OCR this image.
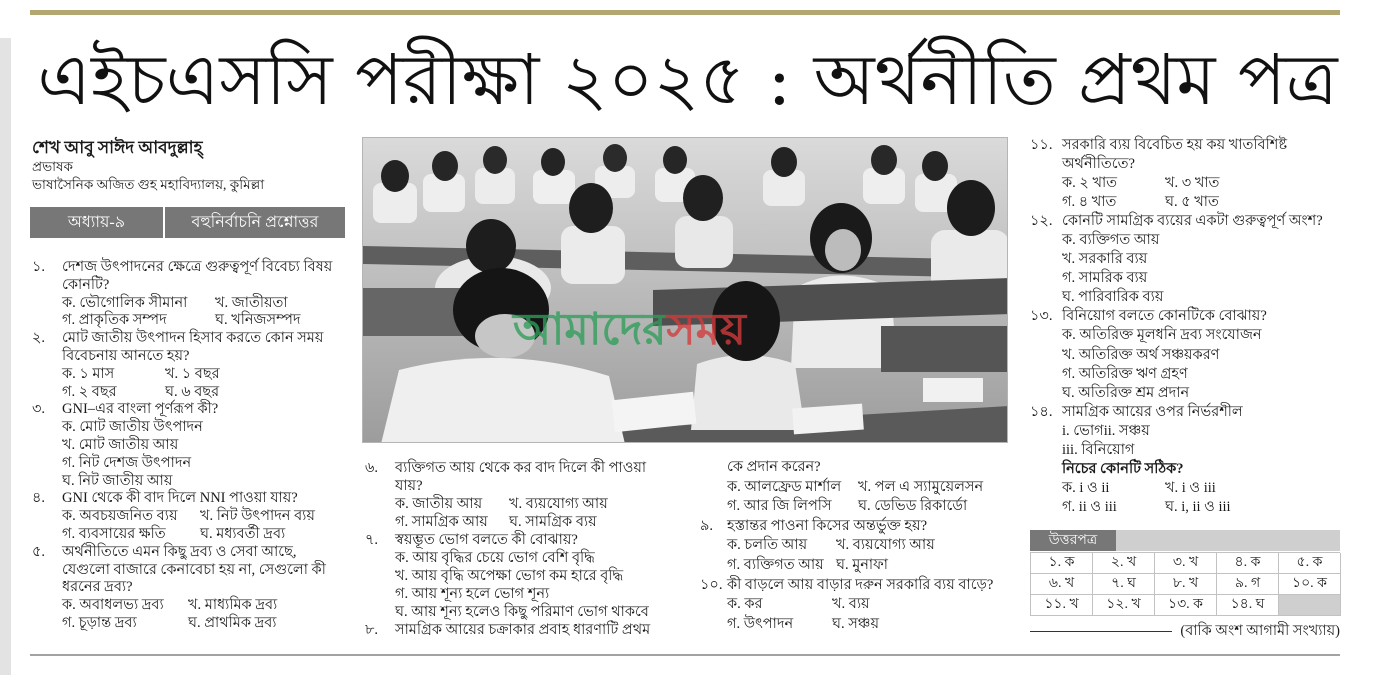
এইচএসসি পরীক্ষা ২০২৫ : অর্থনীতি প্রথম পত্র
শেখ আবু সাঈদ আবদুল্লাহ্
প্রভাষক
ভাষাসৈনিক অজিত গুহ মহাবিদ্যালয়, কুমিল্লা
অধ্যায়-৯	বহুনির্বাচনি প্রশ্নোত্তর
১. দেশজ উৎপাদনের ক্ষেত্রে গুরুত্বপূর্ণ বিবেচ্য বিষয়
কোনটি?
ক. ভৌগোলিক সীমানা খ. জাতীয়তা
গ. প্রাকৃতিক সম্পদ	ঘ. খনিজসম্পদ
২. মোট জাতীয় উৎপাদন হিসাব করতে কোন সময়
বিবেচনায় আনতে হয়?
ক. ১ মাস	খ. ১ বছর
গ. ২ বছর	ঘ. ৬ বছর
৩. GNI–এর বাংলা পূর্ণরূপ কী?
ক. মোট জাতীয় উৎপাদন
খ. মোট জাতীয় আয়
গ. নিট দেশজ উৎপাদন
ঘ. নিট জাতীয় আয়
৪. GNI থেকে কী বাদ দিলে NNI পাওয়া যায়?
ক. অবচয়জনিত ব্যয় খ. নিট উৎপাদন ব্যয়
গ. ব্যবসায়ের ক্ষতি ঘ. মধ্যবর্তী দ্রব্য
৫. অর্থনীতিতে এমন কিছু দ্রব্য ও সেবা আছে,
যেগুলো বাজারে কেনাবেচা হয় না, সেগুলো কী
ধরনের দ্রব্য?
ক. অবাধলভ্য দ্রব্য খ. মাধ্যমিক দ্রব্য
গ. চূড়ান্ত দ্রব্য	ঘ. প্রাথমিক দ্রব্য
আমাদেরসময়
৬. ব্যক্তিগত আয় থেকে কর বাদ দিলে কী পাওয়া
যায়?
ক. জাতীয় আয় খ. ব্যয়যোগ্য আয়
গ. সামগ্রিক আয় ঘ. সামগ্রিক ব্যয়
৭. স্বয়ম্ভূত ভোগ বলতে কী বোঝায়?
ক. আয় বৃদ্ধির চেয়ে ভোগ বেশি বৃদ্ধি
খ. আয় বৃদ্ধি অপেক্ষা ভোগ কম হারে বৃদ্ধি
গ. আয় শূন্য হলে ভোগ শূন্য
ঘ. আয় শূন্য হলেও কিছু পরিমাণ ভোগ থাকবে
৮. সামগ্রিক আয়ের চক্রাকার প্রবাহ ধারণাটি প্রথম
কে প্রদান করেন?
ক. আলফ্রেড মার্শাল খ. পল এ স্যামুয়েলসন
গ. আর জি লিপসি ঘ. ডেভিড রিকার্ডো
৯. হস্তান্তর পাওনা কিসের অন্তর্ভুক্ত হয়?
ক. চলতি আয় খ. ব্যয়যোগ্য আয়
গ. ব্যক্তিগত আয় ঘ. মুনাফা
১০. কী বাড়লে আয় বাড়ার দরুন সরকারি ব্যয় বাড়ে?
ক. কর	খ. ব্যয়
গ. উৎপাদন	ঘ. সঞ্চয়
১১. সরকারি ব্যয় বিবেচিত হয় কয় খাতবিশিষ্ট
অর্থনীতিতে?
ক. ২ খাত	খ. ৩ খাত
গ. ৪ খাত	ঘ. ৫ খাত
১২. কোনটি সামগ্রিক ব্যয়ের একটা গুরুত্বপূর্ণ অংশ?
ক. ব্যক্তিগত আয়
খ. সরকারি ব্যয়
গ. সামরিক ব্যয়
ঘ. পারিবারিক ব্যয়
১৩. বিনিয়োগ বলতে কোনটিকে বোঝায়?
ক. অতিরিক্ত মূলধনি দ্রব্য সংযোজন
খ. অতিরিক্ত অর্থ সঞ্চয়করণ
গ. অতিরিক্ত ঋণ গ্রহণ
ঘ. অতিরিক্ত শ্রম প্রদান
১৪. সামগ্রিক আয়ের ওপর নির্ভরশীল
i. ভোগii. সঞ্চয়
iii. বিনিয়োগ
নিচের কোনটি সঠিক?
ক. i ও ii	খ. i ও iii
গ. ii ও iii	ঘ. i, ii ও iii
উত্তরপত্র
১. ক	২. খ	৩. খ	৪. ক	৫. ক
৬. খ	৭. ঘ	৮. খ	৯. গ	১০. ক
১১. খ	১২. খ	১৩. ক	১৪. ঘ
(বাকি অংশ আগামী সংখ্যায়)
